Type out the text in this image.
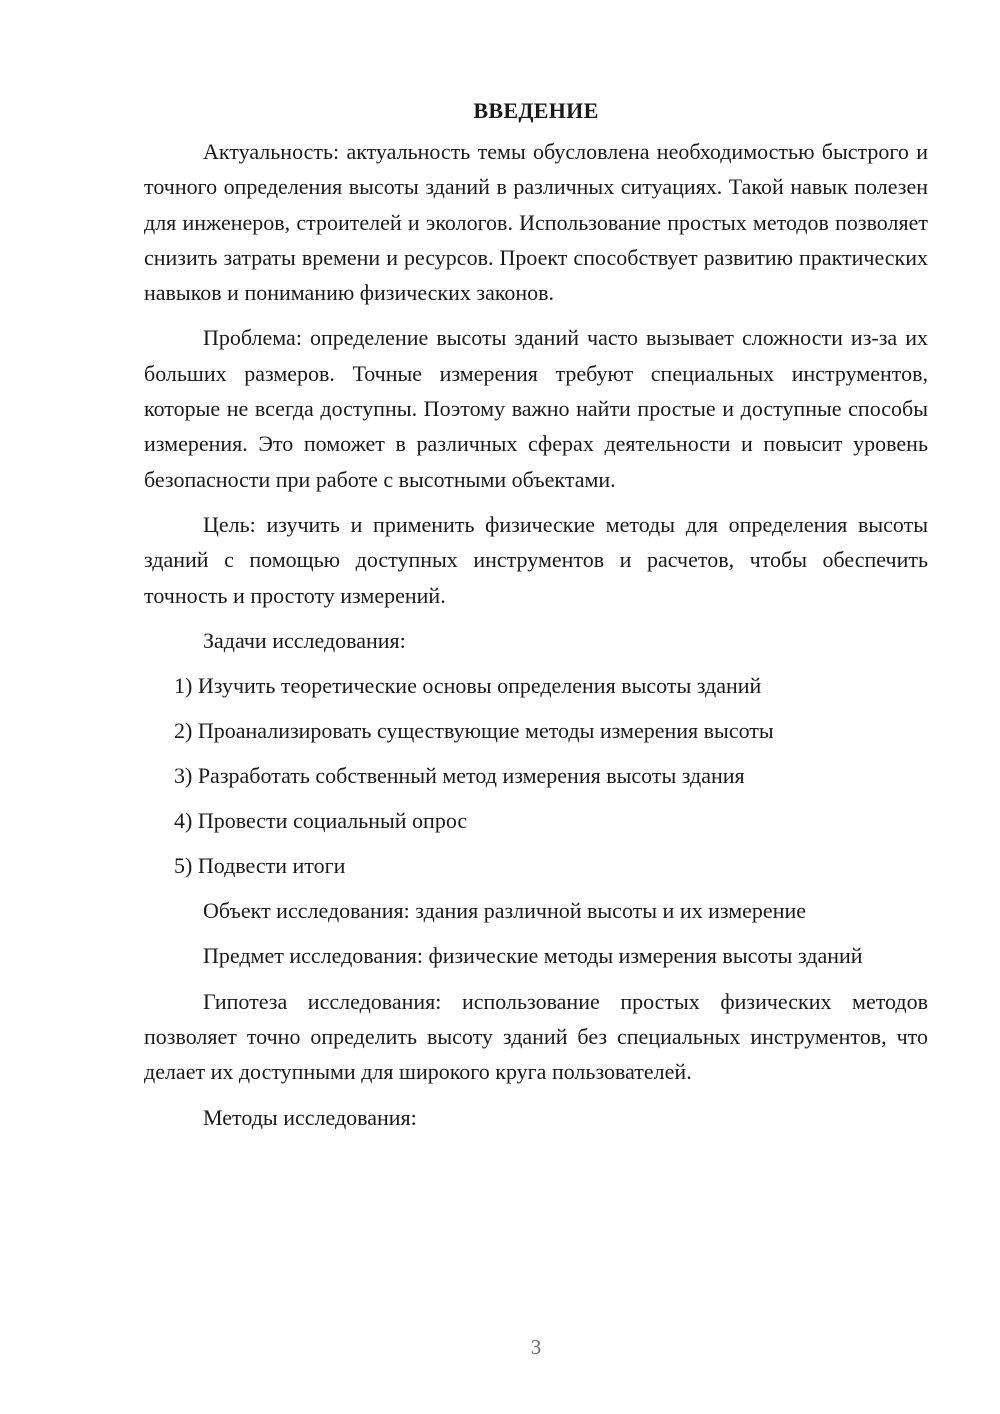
ВВЕДЕНИЕ

Актуальность: актуальность темы обусловлена необходимостью быстрого и точного определения высоты зданий в различных ситуациях. Такой навык полезен для инженеров, строителей и экологов. Использование простых методов позволяет снизить затраты времени и ресурсов. Проект способствует развитию практических навыков и пониманию физических законов.

Проблема: определение высоты зданий часто вызывает сложности из-за их больших размеров. Точные измерения требуют специальных инструментов, которые не всегда доступны. Поэтому важно найти простые и доступные способы измерения. Это поможет в различных сферах деятельности и повысит уровень безопасности при работе с высотными объектами.

Цель: изучить и применить физические методы для определения высоты зданий с помощью доступных инструментов и расчетов, чтобы обеспечить точность и простоту измерений.

Задачи исследования:

1) Изучить теоретические основы определения высоты зданий
2) Проанализировать существующие методы измерения высоты
3) Разработать собственный метод измерения высоты здания
4) Провести социальный опрос
5) Подвести итоги

Объект исследования: здания различной высоты и их измерение

Предмет исследования: физические методы измерения высоты зданий

Гипотеза исследования: использование простых физических методов позволяет точно определить высоту зданий без специальных инструментов, что делает их доступными для широкого круга пользователей.

Методы исследования:

3
